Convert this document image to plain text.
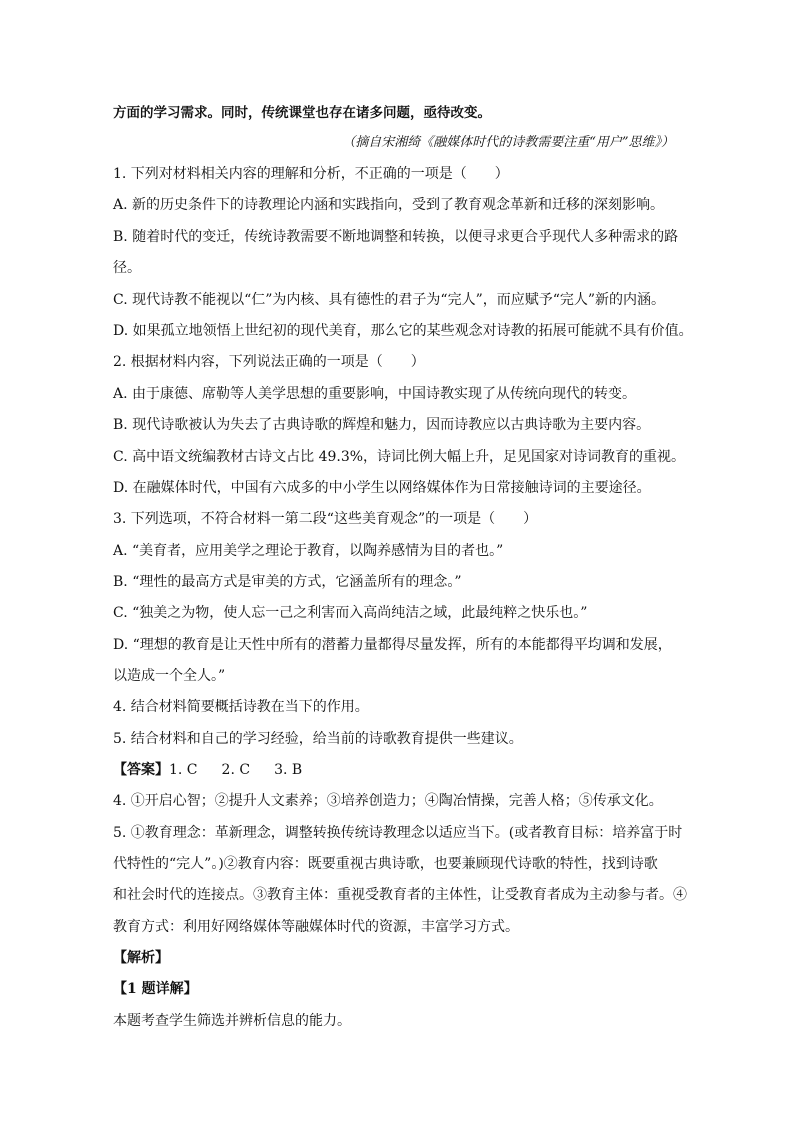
方面的学习需求。同时，传统课堂也存在诸多问题，亟待改变。
（摘自宋湘绮《融媒体时代的诗教需要注重“用户”思维》）
1. 下列对材料相关内容的理解和分析，不正确的一项是（　　）
A. 新的历史条件下的诗教理论内涵和实践指向，受到了教育观念革新和迁移的深刻影响。
B. 随着时代的变迁，传统诗教需要不断地调整和转换，以便寻求更合乎现代人多种需求的路
径。
C. 现代诗教不能视以“仁”为内核、具有德性的君子为“完人”，而应赋予“完人”新的内涵。
D. 如果孤立地领悟上世纪初的现代美育，那么它的某些观念对诗教的拓展可能就不具有价值。
2. 根据材料内容，下列说法正确的一项是（　　）
A. 由于康德、席勒等人美学思想的重要影响，中国诗教实现了从传统向现代的转变。
B. 现代诗歌被认为失去了古典诗歌的辉煌和魅力，因而诗教应以古典诗歌为主要内容。
C. 高中语文统编教材古诗文占比 49.3%，诗词比例大幅上升，足见国家对诗词教育的重视。
D. 在融媒体时代，中国有六成多的中小学生以网络媒体作为日常接触诗词的主要途径。
3. 下列选项，不符合材料一第二段“这些美育观念”的一项是（　　）
A. “美育者，应用美学之理论于教育，以陶养感情为目的者也。”
B. “理性的最高方式是审美的方式，它涵盖所有的理念。”
C. “独美之为物，使人忘一己之利害而入高尚纯洁之域，此最纯粹之快乐也。”
D. “理想的教育是让天性中所有的潜蓄力量都得尽量发挥，所有的本能都得平均调和发展，
以造成一个全人。”
4. 结合材料简要概括诗教在当下的作用。
5. 结合材料和自己的学习经验，给当前的诗歌教育提供一些建议。
【答案】1. C 2. C 3. B
4. ①开启心智；②提升人文素养；③培养创造力；④陶冶情操，完善人格；⑤传承文化。
5. ①教育理念：革新理念，调整转换传统诗教理念以适应当下。(或者教育目标：培养富于时
代特性的“完人”。)②教育内容：既要重视古典诗歌，也要兼顾现代诗歌的特性，找到诗歌
和社会时代的连接点。③教育主体：重视受教育者的主体性，让受教育者成为主动参与者。④
教育方式：利用好网络媒体等融媒体时代的资源，丰富学习方式。
【解析】
【1 题详解】
本题考查学生筛选并辨析信息的能力。
